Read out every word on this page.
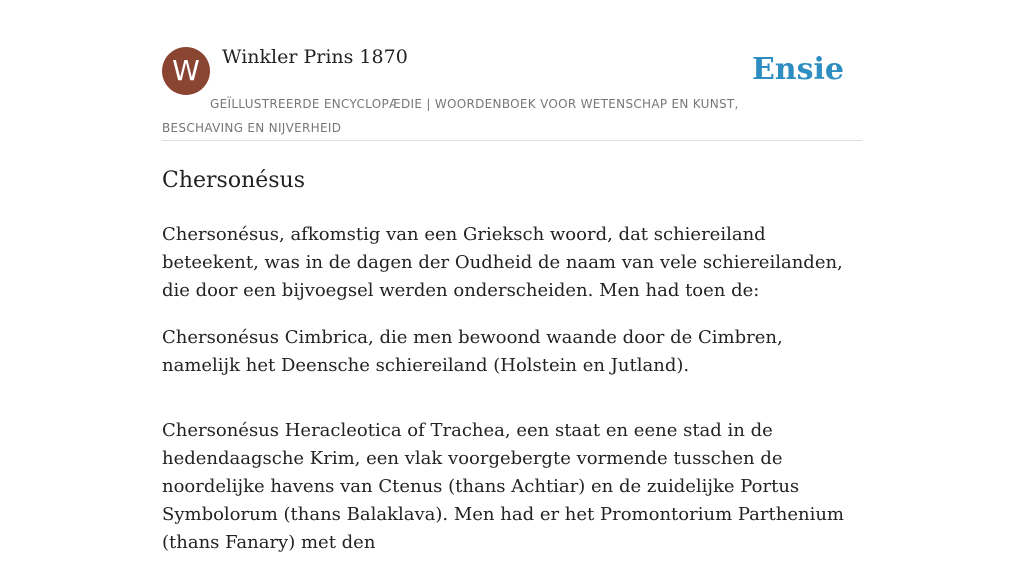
W	Winkler Prins 1870	Ensie
GEÏLLUSTREERDE ENCYCLOPÆDIE | WOORDENBOEK VOOR WETENSCHAP EN KUNST, BESCHAVING EN NIJVERHEID
Chersonésus

Chersonésus, afkomstig van een Grieksch woord, dat schiereiland beteekent, was in de dagen der Oudheid de naam van vele schiereilanden, die door een bijvoegsel werden onderscheiden. Men had toen de:

Chersonésus Cimbrica, die men bewoond waande door de Cimbren, namelijk het Deensche schiereiland (Holstein en Jutland).

Chersonésus Heracleotica of Trachea, een staat en eene stad in de hedendaagsche Krim, een vlak voorgebergte vormende tusschen de noordelijke havens van Ctenus (thans Achtiar) en de zuidelijke Portus Symbolorum (thans Balaklava). Men had er het Promontorium Parthenium (thans Fanary) met den
